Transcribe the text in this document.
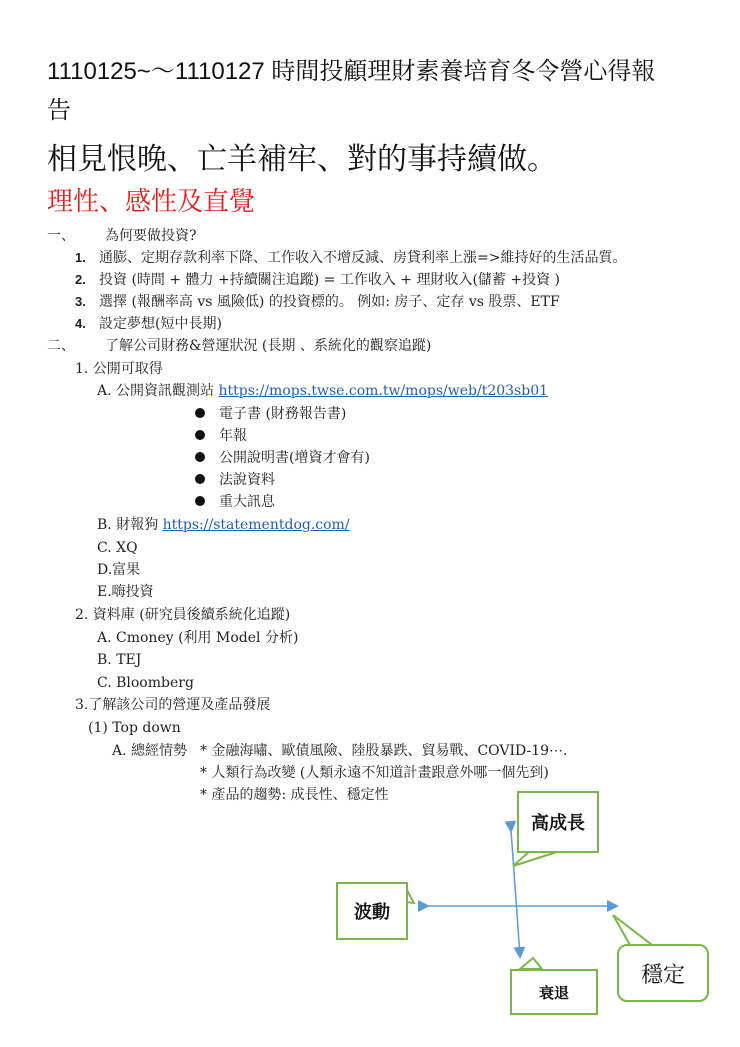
1110125~～1110127 時間投顧理財素養培育冬令營心得報
告
相見恨晚、亡羊補牢、對的事持續做。
理性、感性及直覺
一、 為何要做投資?
1. 通膨、定期存款利率下降、工作收入不增反減、房貸利率上漲=>維持好的生活品質。
2. 投資 (時間 + 體力 +持續關注追蹤) = 工作收入 + 理財收入(儲蓄 +投資 )
3. 選擇 (報酬率高 vs 風險低) 的投資標的。 例如: 房子、定存 vs 股票、ETF
4. 設定夢想(短中長期)
二、 了解公司財務&營運狀況 (長期 、系統化的觀察追蹤)
1. 公開可取得
A. 公開資訊觀測站 https://mops.twse.com.tw/mops/web/t203sb01
電子書 (財務報告書)
年報
公開說明書(增資才會有)
法說資料
重大訊息
B. 財報狗 https://statementdog.com/
C. XQ
D.富果
E.嗨投資
2. 資料庫 (研究員後續系統化追蹤)
A. Cmoney (利用 Model 分析)
B. TEJ
C. Bloomberg
3.了解該公司的營運及產品發展
(1) Top down
A. 總經情勢 * 金融海嘯、歐債風險、陸股暴跌、貿易戰、COVID-19⋯.
* 人類行為改變 (人類永遠不知道計畫跟意外哪一個先到)
* 產品的趨勢: 成長性、穩定性
高成長
波動
衰退
穩定
